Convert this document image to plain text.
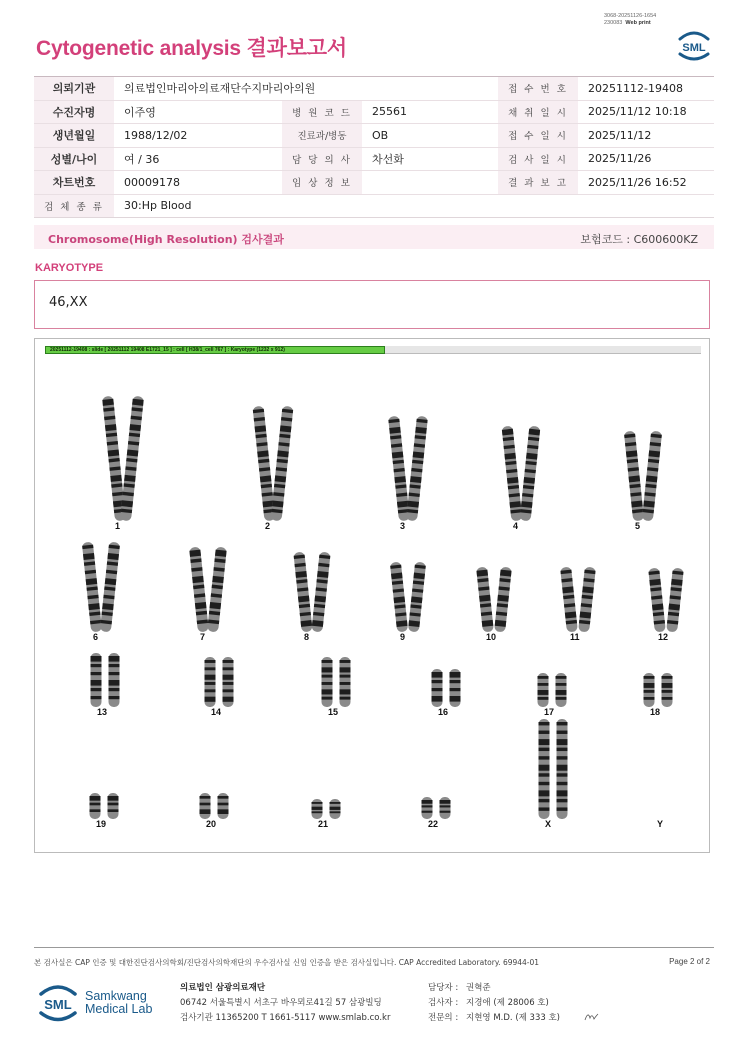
3068-20251126-1654
230083 Web print
Cytogenetic analysis 결과보고서	SML
의뢰기관	의료법인마리아의료재단수지마리아의원			접 수 번 호	20251112-19408
수진자명	이주영	병 원 코 드	25561	채 취 일 시	2025/11/12 10:18
생년월일	1988/12/02	진료과/병동	OB	접 수 일 시	2025/11/12
성별/나이	여 / 36	담 당 의 사	차선화	검 사 일 시	2025/11/26
차트번호	00009178	임 상 정 보		결 과 보 고	2025/11/26 16:52
검 체 종 류	30:Hp Blood				
Chromosome(High Resolution) 검사결과	보험코드 : C600600KZ
KARYOTYPE
46,XX
20251112-19408 : slide [ 20251112 19408 E1721_15 ] : cell [ H38/1_cell 767 ] : Karyotype (1232 x 912)
1	2	3	4	5
6	7	8	9	10	11	12
13	14	15	16	17	18
19	20	21	22	X	Y
본 검사실은 CAP 인증 및 대한진단검사의학회/진단검사의학재단의 우수검사실 신임 인증을 받은 검사실입니다. CAP Accredited Laboratory. 69944-01	Page 2 of 2
SML
Samkwang
Medical Lab
의료법인 삼광의료재단
06742 서울특별시 서초구 바우뫼로41길 57 삼광빌딩
검사기관 11365200 T 1661-5117 www.smlab.co.kr
담당자 : 권혁준
검사자 : 지경애 (제 28006 호)
전문의 : 지현영 M.D. (제 333 호)
